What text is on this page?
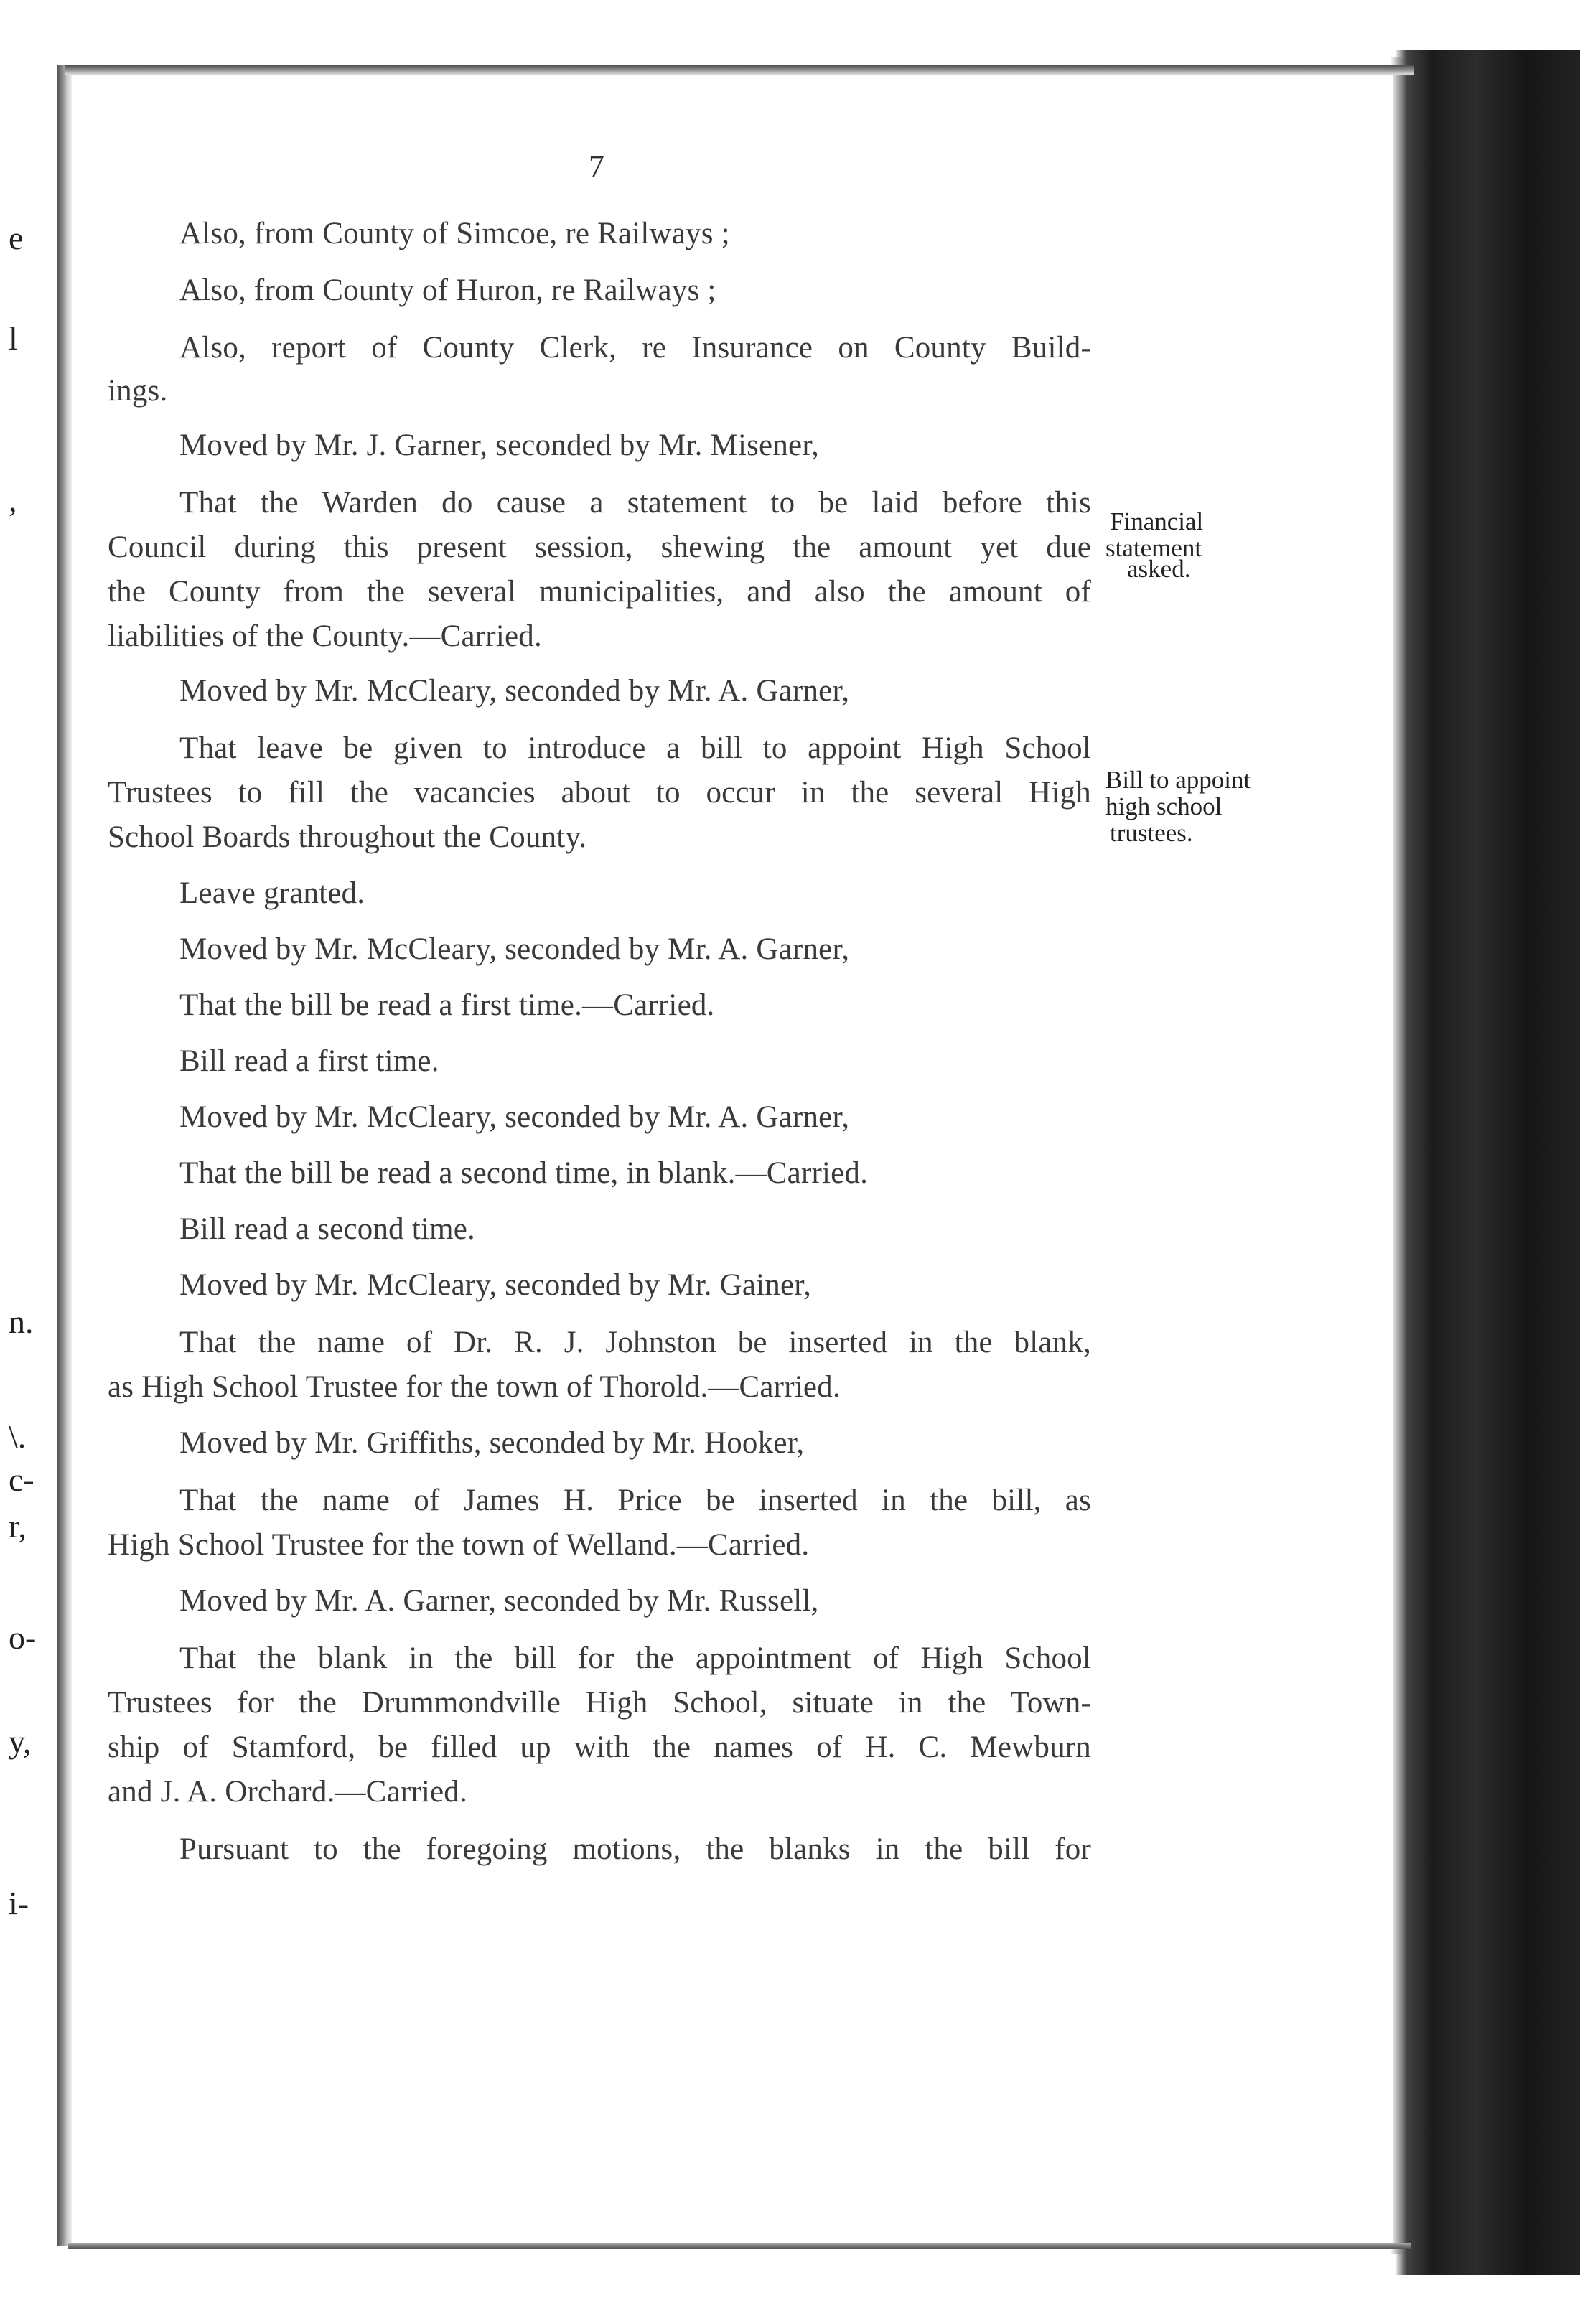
e
l
,
n.
\.
c-
r,
o-
y,
i-
7
Also, from County of Simcoe, re Railways ;
Also, from County of Huron, re Railways ;
Also, report of County Clerk, re Insurance on County Build-
ings.
Moved by Mr. J. Garner, seconded by Mr. Misener,
That the Warden do cause a statement to be laid before this
Council during this present session, shewing the amount yet due
the County from the several municipalities, and also the amount of
liabilities of the County.—Carried.
Moved by Mr. McCleary, seconded by Mr. A. Garner,
That leave be given to introduce a bill to appoint High School
Trustees to fill the vacancies about to occur in the several High
School Boards throughout the County.
Leave granted.
Moved by Mr. McCleary, seconded by Mr. A. Garner,
That the bill be read a first time.—Carried.
Bill read a first time.
Moved by Mr. McCleary, seconded by Mr. A. Garner,
That the bill be read a second time, in blank.—Carried.
Bill read a second time.
Moved by Mr. McCleary, seconded by Mr. Gainer,
That the name of Dr. R. J. Johnston be inserted in the blank,
as High School Trustee for the town of Thorold.—Carried.
Moved by Mr. Griffiths, seconded by Mr. Hooker,
That the name of James H. Price be inserted in the bill, as
High School Trustee for the town of Welland.—Carried.
Moved by Mr. A. Garner, seconded by Mr. Russell,
That the blank in the bill for the appointment of High School
Trustees for the Drummondville High School, situate in the Town-
ship of Stamford, be filled up with the names of H. C. Mewburn
and J. A. Orchard.—Carried.
Pursuant to the foregoing motions, the blanks in the bill for
Financial
statement
asked.
Bill to appoint
high school
trustees.
